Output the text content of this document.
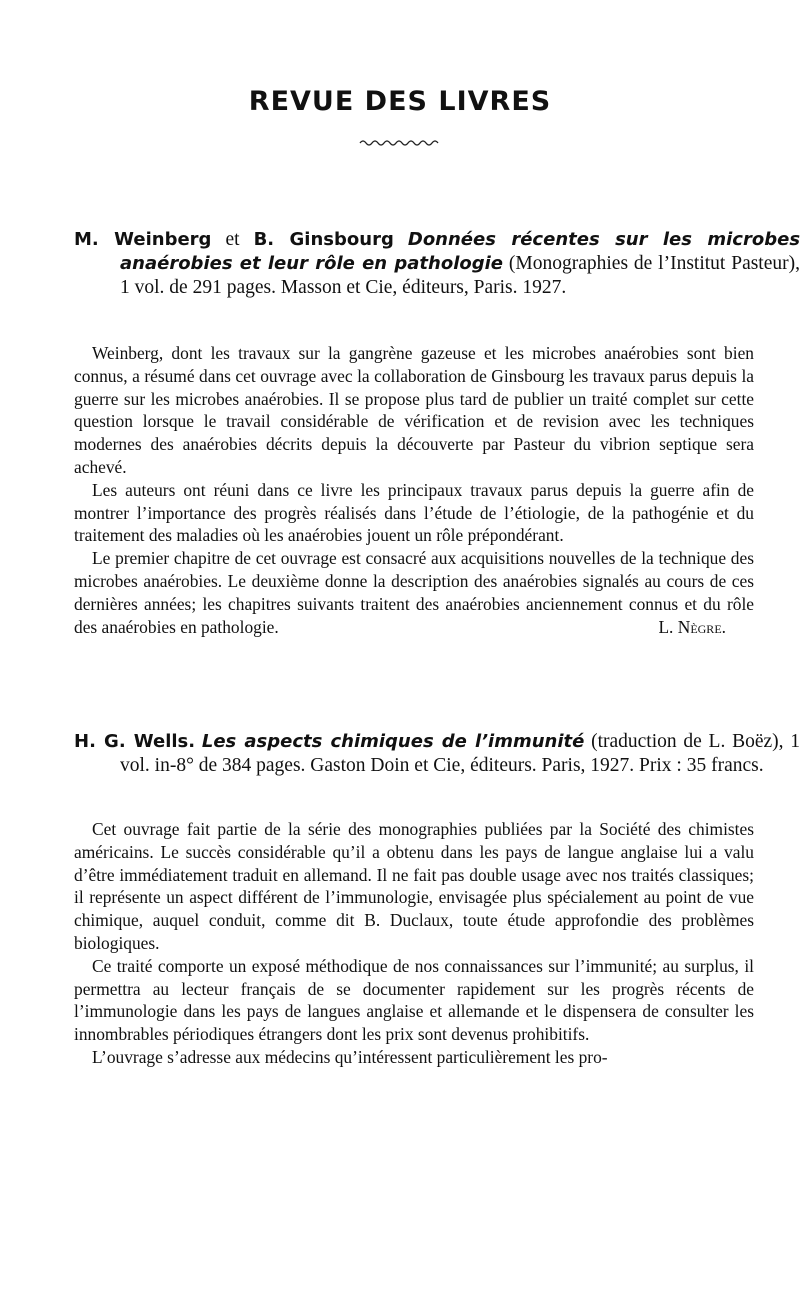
REVUE DES LIVRES
M. Weinberg et B. Ginsbourg Données récentes sur les microbes anaérobies et leur rôle en pathologie (Monographies de l’Institut Pasteur), 1 vol. de 291 pages. Masson et Cie, éditeurs, Paris. 1927.

Weinberg, dont les travaux sur la gangrène gazeuse et les microbes anaérobies sont bien connus, a résumé dans cet ouvrage avec la collaboration de Ginsbourg les travaux parus depuis la guerre sur les microbes anaérobies. Il se propose plus tard de publier un traité complet sur cette question lorsque le travail considérable de vérification et de revision avec les techniques modernes des anaérobies décrits depuis la découverte par Pasteur du vibrion septique sera achevé.

Les auteurs ont réuni dans ce livre les principaux travaux parus depuis la guerre afin de montrer l’importance des progrès réalisés dans l’étude de l’étiologie, de la pathogénie et du traitement des maladies où les anaérobies jouent un rôle prépondérant.

Le premier chapitre de cet ouvrage est consacré aux acquisitions nouvelles de la technique des microbes anaérobies. Le deuxième donne la description des anaérobies signalés au cours de ces dernières années; les chapitres suivants traitent des anaérobies anciennement connus et du rôle des anaérobies en pathologie.	L. Nègre.

H. G. Wells. Les aspects chimiques de l’immunité (traduction de L. Boëz), 1 vol. in-8° de 384 pages. Gaston Doin et Cie, éditeurs. Paris, 1927. Prix : 35 francs.

Cet ouvrage fait partie de la série des monographies publiées par la Société des chimistes américains. Le succès considérable qu’il a obtenu dans les pays de langue anglaise lui a valu d’être immédiatement traduit en allemand. Il ne fait pas double usage avec nos traités classiques; il représente un aspect différent de l’immunologie, envisagée plus spécialement au point de vue chimique, auquel conduit, comme dit B. Duclaux, toute étude approfondie des problèmes biologiques.

Ce traité comporte un exposé méthodique de nos connaissances sur l’immunité; au surplus, il permettra au lecteur français de se documenter rapidement sur les progrès récents de l’immunologie dans les pays de langues anglaise et allemande et le dispensera de consulter les innombrables périodiques étrangers dont les prix sont devenus prohibitifs.

L’ouvrage s’adresse aux médecins qu’intéressent particulièrement les pro-
